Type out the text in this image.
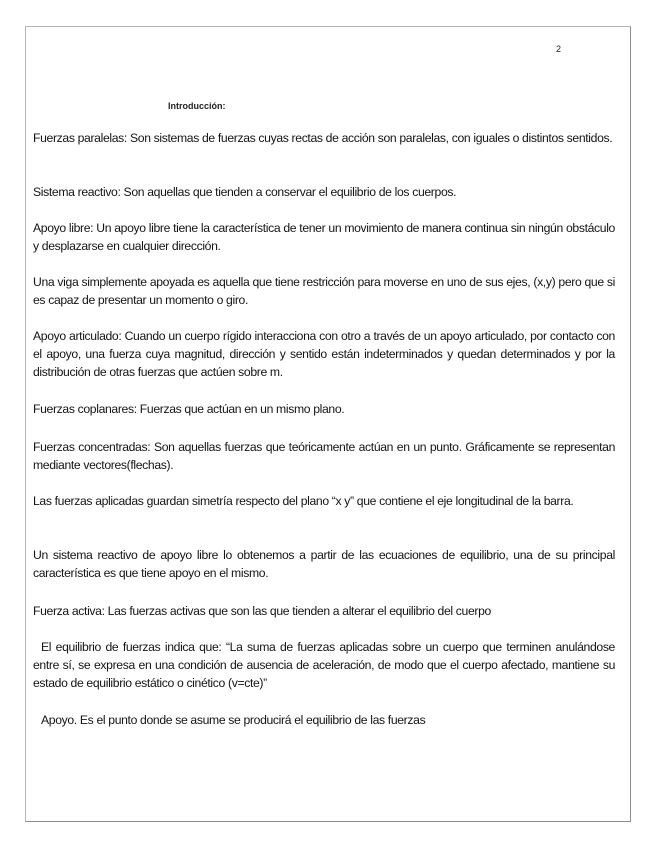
2
Introducción:

Fuerzas paralelas: Son sistemas de fuerzas cuyas rectas de acción son paralelas, con iguales o distintos sentidos.

Sistema reactivo: Son aquellas que tienden a conservar el equilibrio de los cuerpos.

Apoyo libre: Un apoyo libre tiene la característica de tener un movimiento de manera continua sin ningún obstáculo y desplazarse en cualquier dirección.

Una viga simplemente apoyada es aquella que tiene restricción para moverse en uno de sus ejes, (x,y) pero que si es capaz de presentar un momento o giro.

Apoyo articulado: Cuando un cuerpo rígido interacciona con otro a través de un apoyo articulado, por contacto con el apoyo, una fuerza cuya magnitud, dirección y sentido están indeterminados y quedan determinados y por la distribución de otras fuerzas que actúen sobre m.

Fuerzas coplanares: Fuerzas que actúan en un mismo plano.

Fuerzas concentradas: Son aquellas fuerzas que teóricamente actúan en un punto. Gráficamente se representan mediante vectores(flechas).

Las fuerzas aplicadas guardan simetría respecto del plano “x y” que contiene el eje longitudinal de la barra.

Un sistema reactivo de apoyo libre lo obtenemos a partir de las ecuaciones de equilibrio, una de su principal característica es que tiene apoyo en el mismo.

Fuerza activa: Las fuerzas activas que son las que tienden a alterar el equilibrio del cuerpo

El equilibrio de fuerzas indica que: “La suma de fuerzas aplicadas sobre un cuerpo que terminen anulándose entre sí, se expresa en una condición de ausencia de aceleración, de modo que el cuerpo afectado, mantiene su estado de equilibrio estático o cinético (v=cte)”

Apoyo. Es el punto donde se asume se producirá el equilibrio de las fuerzas
